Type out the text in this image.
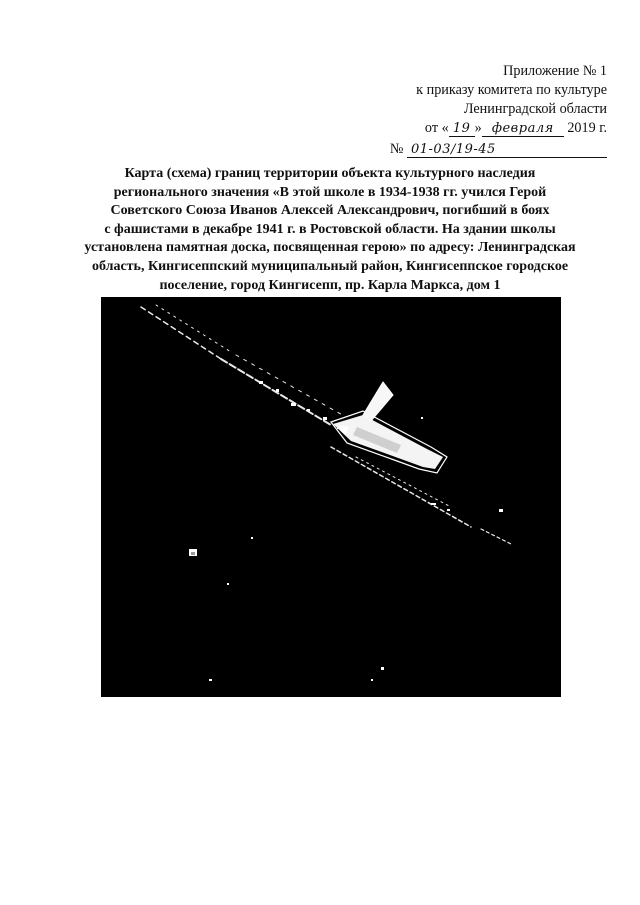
Приложение № 1
к приказу комитета по культуре
Ленинградской области
от « 19 » февраля 2019 г.
№ 01-03/19-45
Карта (схема) границ территории объекта культурного наследия
регионального значения «В этой школе в 1934-1938 гг. учился Герой
Советского Союза Иванов Алексей Александрович, погибший в боях
с фашистами в декабре 1941 г. в Ростовской области. На здании школы
установлена памятная доска, посвященная герою» по адресу: Ленинградская
область, Кингисеппский муниципальный район, Кингисеппское городское
поселение, город Кингисепп, пр. Карла Маркса, дом 1
